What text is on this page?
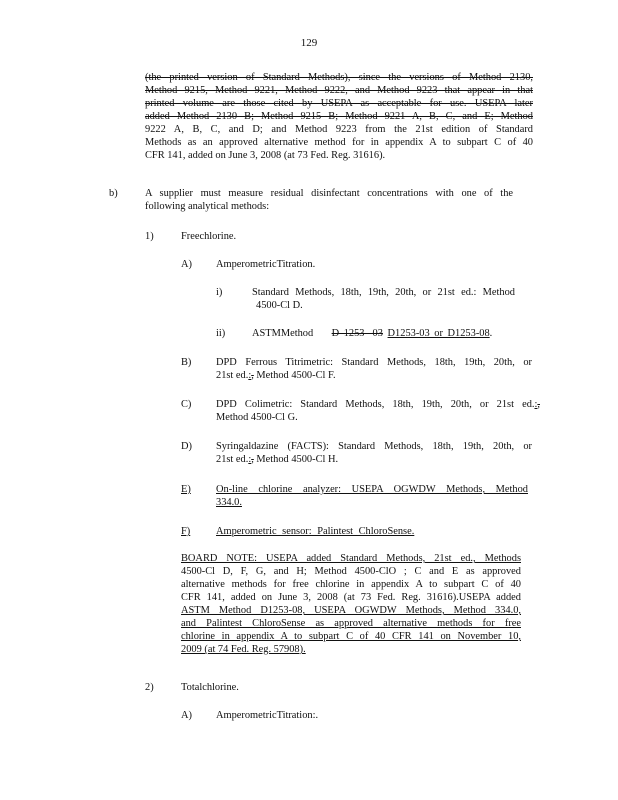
129
(the printed version of Standard Methods), since the versions of Method 2130,
Method 9215, Method 9221, Method 9222, and Method 9223 that appear in that
printed volume are those cited by USEPA as acceptable for use. USEPA later
added Method 2130 B; Method 9215 B; Method 9221 A, B, C, and E; Method
9222 A, B, C, and D; and Method 9223 from the 21st edition of Standard
Methods as an approved alternative method for in appendix A to subpart C of 40
CFR 141, added on June 3, 2008 (at 73 Fed. Reg. 31616).
b)	A supplier must measure residual disinfectant concentrations with one of the
following analytical methods:
1)	Freechlorine.
A) AmperometricTitration.
i)	Standard Methods, 18th, 19th, 20th, or 21st ed.: Method
4500-Cl D.
ii)	ASTMMethod D 1253 -03 D1253-03 or D1253-08.
B) DPD Ferrous Titrimetric: Standard Methods, 18th, 19th, 20th, or
21st ed.:, Method 4500-Cl F.
C) DPD Colimetric: Standard Methods, 18th, 19th, 20th, or 21st ed.:,
Method 4500-Cl G.
D) Syringaldazine (FACTS): Standard Methods, 18th, 19th, 20th, or
21st ed.:, Method 4500-Cl H.
E) On-line chlorine analyzer: USEPA OGWDW Methods, Method
334.0.
F) Amperometric sensor: Palintest ChloroSense.
BOARD NOTE: USEPA added Standard Methods, 21st ed., Methods
4500-Cl D, F, G, and H; Method 4500-ClO ; C and E as approved
alternative methods for free chlorine in appendix A to subpart C of 40
CFR 141, added on June 3, 2008 (at 73 Fed. Reg. 31616).USEPA added
ASTM Method D1253-08, USEPA OGWDW Methods, Method 334.0,
and Palintest ChloroSense as approved alternative methods for free
chlorine in appendix A to subpart C of 40 CFR 141 on November 10,
2009 (at 74 Fed. Reg. 57908).
2)	Totalchlorine.
A) AmperometricTitration:.
